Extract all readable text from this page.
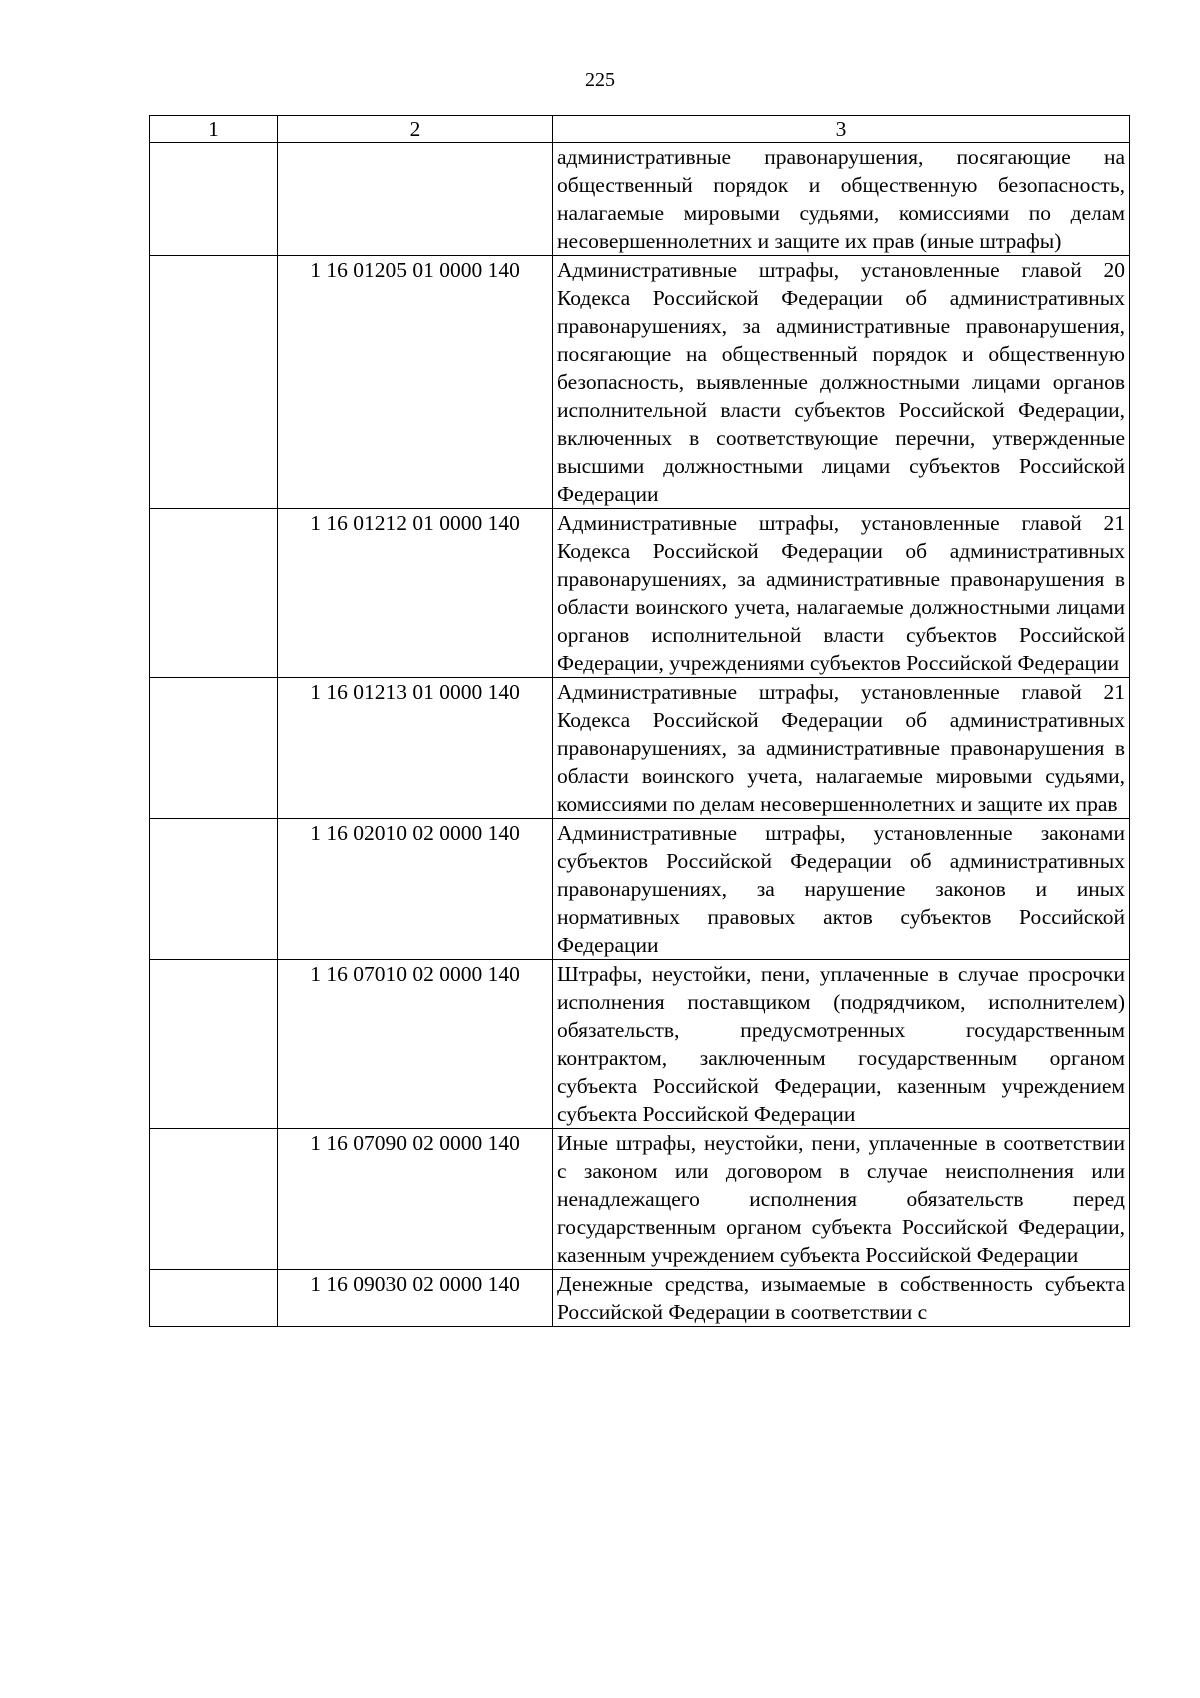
225
1	2	3
		административные правонарушения, посягающие на общественный порядок и общественную безопасность, налагаемые мировыми судьями, комиссиями по делам несовершеннолетних и защите их прав (иные штрафы)
	1 16 01205 01 0000 140	Административные штрафы, установленные главой 20 Кодекса Российской Федерации об административных правонарушениях, за административные правонарушения, посягающие на общественный порядок и общественную безопасность, выявленные должностными лицами органов исполнительной власти субъектов Российской Федерации, включенных в соответствующие перечни, утвержденные высшими должностными лицами субъектов Российской Федерации
	1 16 01212 01 0000 140	Административные штрафы, установленные главой 21 Кодекса Российской Федерации об административных правонарушениях, за административные правонарушения в области воинского учета, налагаемые должностными лицами органов исполнительной власти субъектов Российской Федерации, учреждениями субъектов Российской Федерации
	1 16 01213 01 0000 140	Административные штрафы, установленные главой 21 Кодекса Российской Федерации об административных правонарушениях, за административные правонарушения в области воинского учета, налагаемые мировыми судьями, комиссиями по делам несовершеннолетних и защите их прав
	1 16 02010 02 0000 140	Административные штрафы, установленные законами субъектов Российской Федерации об административных правонарушениях, за нарушение законов и иных нормативных правовых актов субъектов Российской Федерации
	1 16 07010 02 0000 140	Штрафы, неустойки, пени, уплаченные в случае просрочки исполнения поставщиком (подрядчиком, исполнителем) обязательств, предусмотренных государственным контрактом, заключенным государственным органом субъекта Российской Федерации, казенным учреждением субъекта Российской Федерации
	1 16 07090 02 0000 140	Иные штрафы, неустойки, пени, уплаченные в соответствии с законом или договором в случае неисполнения или ненадлежащего исполнения обязательств перед государственным органом субъекта Российской Федерации, казенным учреждением субъекта Российской Федерации
	1 16 09030 02 0000 140	Денежные средства, изымаемые в собственность субъекта Российской Федерации в соответствии с
